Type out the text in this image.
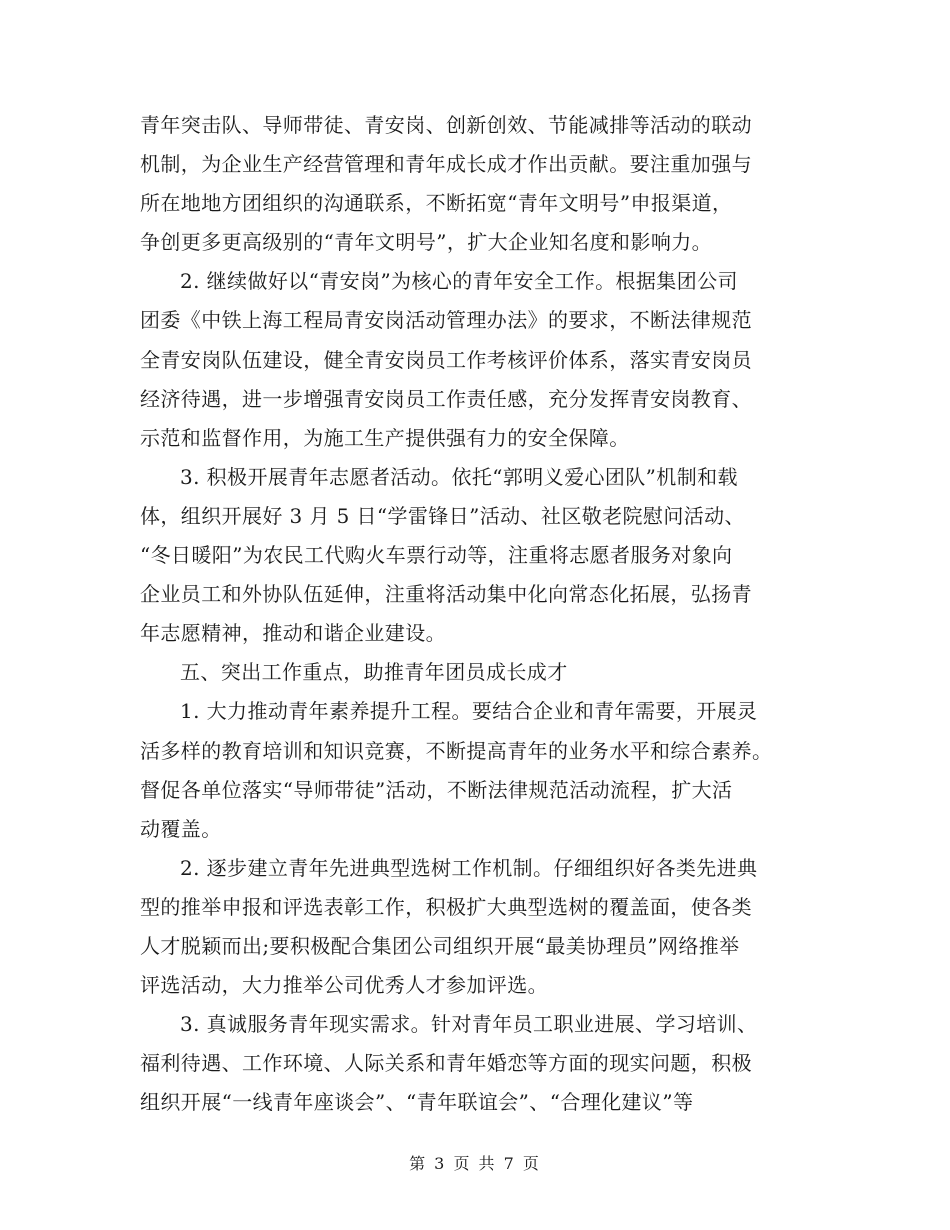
青年突击队、导师带徒、青安岗、创新创效、节能减排等活动的联动
机制，为企业生产经营管理和青年成长成才作出贡献。要注重加强与
所在地地方团组织的沟通联系，不断拓宽“青年文明号”申报渠道，
争创更多更高级别的“青年文明号”，扩大企业知名度和影响力。
2. 继续做好以“青安岗”为核心的青年安全工作。根据集团公司
团委《中铁上海工程局青安岗活动管理办法》的要求，不断法律规范
全青安岗队伍建设，健全青安岗员工作考核评价体系，落实青安岗员
经济待遇，进一步增强青安岗员工作责任感，充分发挥青安岗教育、
示范和监督作用，为施工生产提供强有力的安全保障。
3. 积极开展青年志愿者活动。依托“郭明义爱心团队”机制和载
体，组织开展好 3 月 5 日“学雷锋日”活动、社区敬老院慰问活动、
“冬日暖阳”为农民工代购火车票行动等，注重将志愿者服务对象向
企业员工和外协队伍延伸，注重将活动集中化向常态化拓展，弘扬青
年志愿精神，推动和谐企业建设。
五、突出工作重点，助推青年团员成长成才
1. 大力推动青年素养提升工程。要结合企业和青年需要，开展灵
活多样的教育培训和知识竞赛，不断提高青年的业务水平和综合素养。
督促各单位落实“导师带徒”活动，不断法律规范活动流程，扩大活
动覆盖。
2. 逐步建立青年先进典型选树工作机制。仔细组织好各类先进典
型的推举申报和评选表彰工作，积极扩大典型选树的覆盖面，使各类
人才脱颖而出;要积极配合集团公司组织开展“最美协理员”网络推举
评选活动，大力推举公司优秀人才参加评选。
3. 真诚服务青年现实需求。针对青年员工职业进展、学习培训、
福利待遇、工作环境、人际关系和青年婚恋等方面的现实问题，积极
组织开展“一线青年座谈会”、“青年联谊会”、“合理化建议”等
第 3 页 共 7 页
